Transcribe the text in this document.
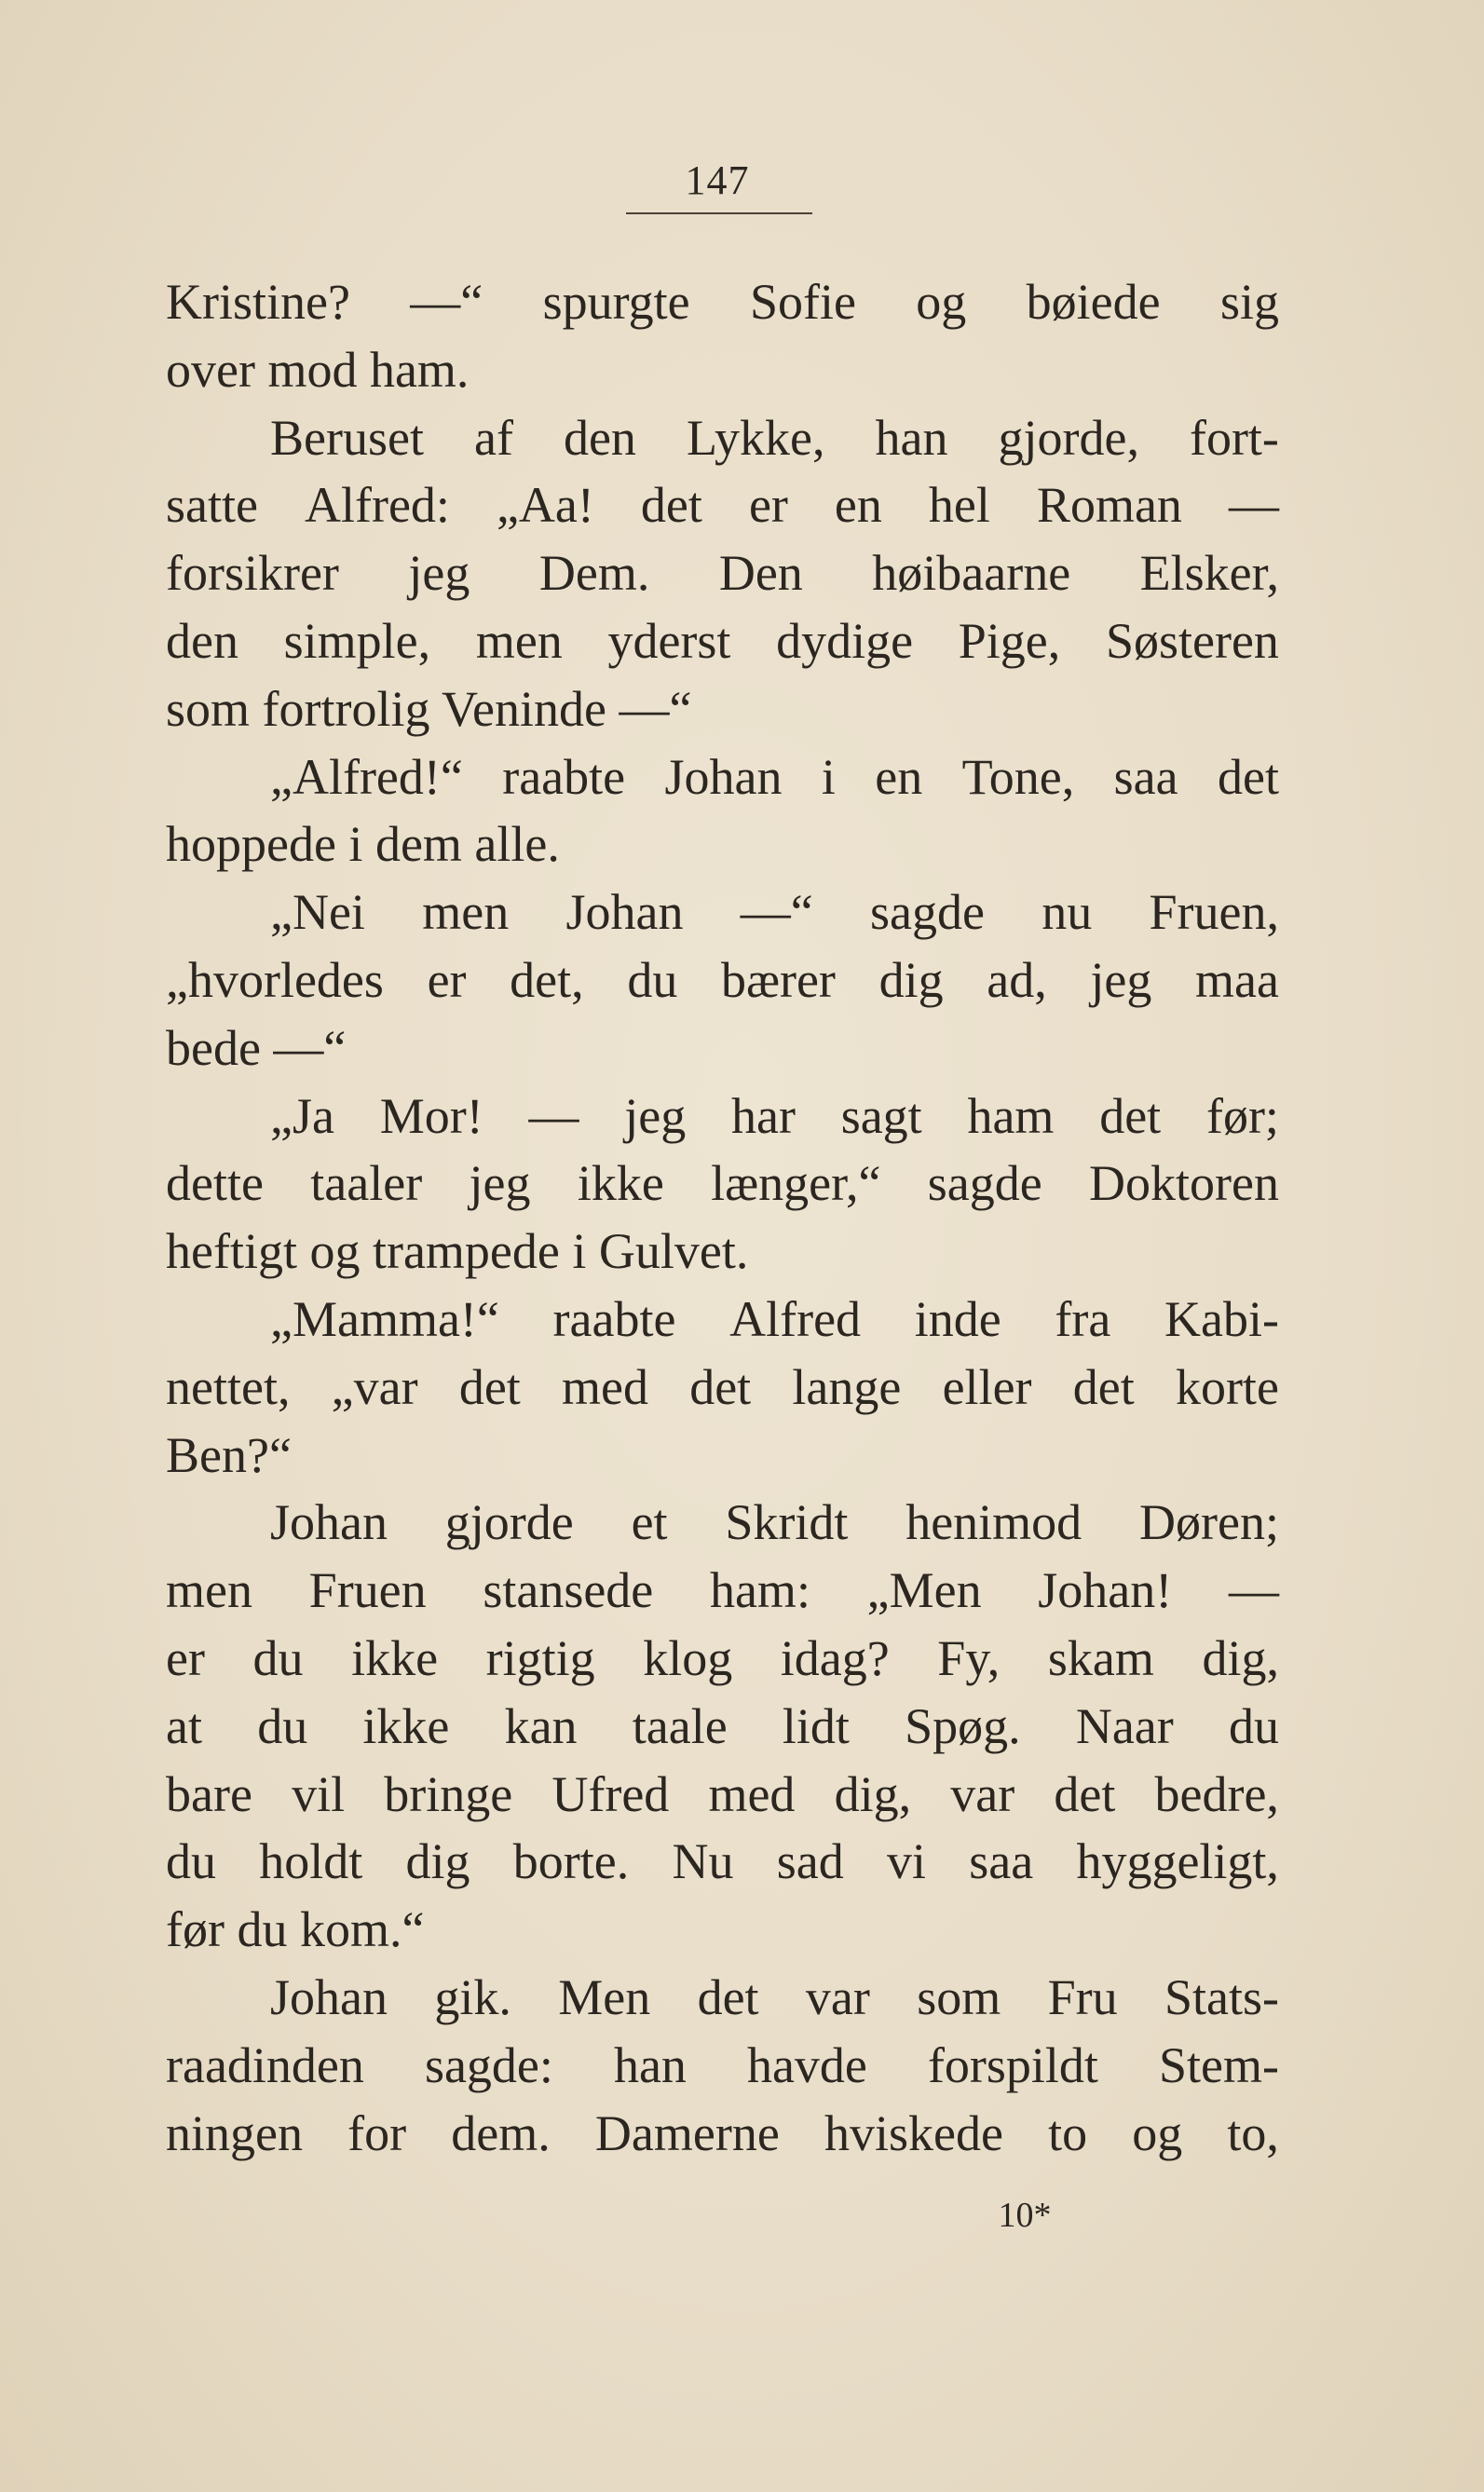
147
Kristine? —“ spurgte Sofie og bøiede sig
over mod ham.
Beruset af den Lykke, han gjorde, fort-
satte Alfred: „Aa! det er en hel Roman —
forsikrer jeg Dem. Den høibaarne Elsker,
den simple, men yderst dydige Pige, Søsteren
som fortrolig Veninde —“
„Alfred!“ raabte Johan i en Tone, saa det
hoppede i dem alle.
„Nei men Johan —“ sagde nu Fruen,
„hvorledes er det, du bærer dig ad, jeg maa
bede —“
„Ja Mor! — jeg har sagt ham det før;
dette taaler jeg ikke længer,“ sagde Doktoren
heftigt og trampede i Gulvet.
„Mamma!“ raabte Alfred inde fra Kabi-
nettet, „var det med det lange eller det korte
Ben?“
Johan gjorde et Skridt henimod Døren;
men Fruen stansede ham: „Men Johan! —
er du ikke rigtig klog idag? Fy, skam dig,
at du ikke kan taale lidt Spøg. Naar du
bare vil bringe Ufred med dig, var det bedre,
du holdt dig borte. Nu sad vi saa hyggeligt,
før du kom.“
Johan gik. Men det var som Fru Stats-
raadinden sagde: han havde forspildt Stem-
ningen for dem. Damerne hviskede to og to,
10*
